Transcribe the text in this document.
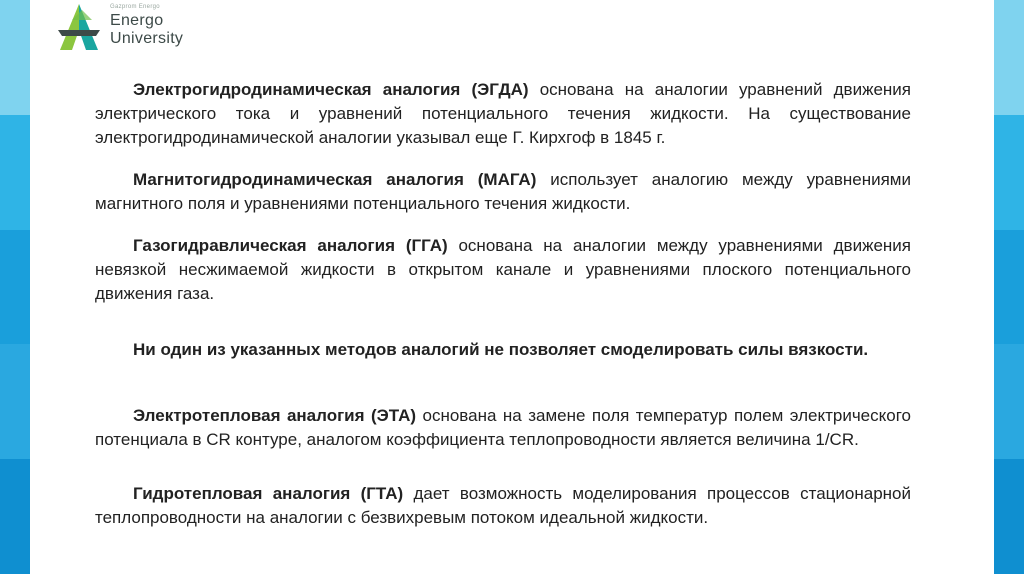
Gazprom Energo
Energo
University

Электрогидродинамическая аналогия (ЭГДА) основана на аналогии уравнений движения электрического тока и уравнений потенциального течения жидкости. На существование электрогидродинамической аналогии указывал еще Г. Кирхгоф в 1845 г.

Магнитогидродинамическая аналогия (МАГА) использует аналогию между уравнениями магнитного поля и уравнениями потенциального течения жидкости.

Газогидравлическая аналогия (ГГА) основана на аналогии между уравнениями движения невязкой несжимаемой жидкости в открытом канале и уравнениями плоского потенциального движения газа.

Ни один из указанных методов аналогий не позволяет смоделировать силы вязкости.

Электротепловая аналогия (ЭТА) основана на замене поля температур полем электрического потенциала в CR контуре, аналогом коэффициента теплопроводности является величина 1/CR.

Гидротепловая аналогия (ГТА) дает возможность моделирования процессов стационарной теплопроводности на аналогии с безвихревым потоком идеальной жидкости.
